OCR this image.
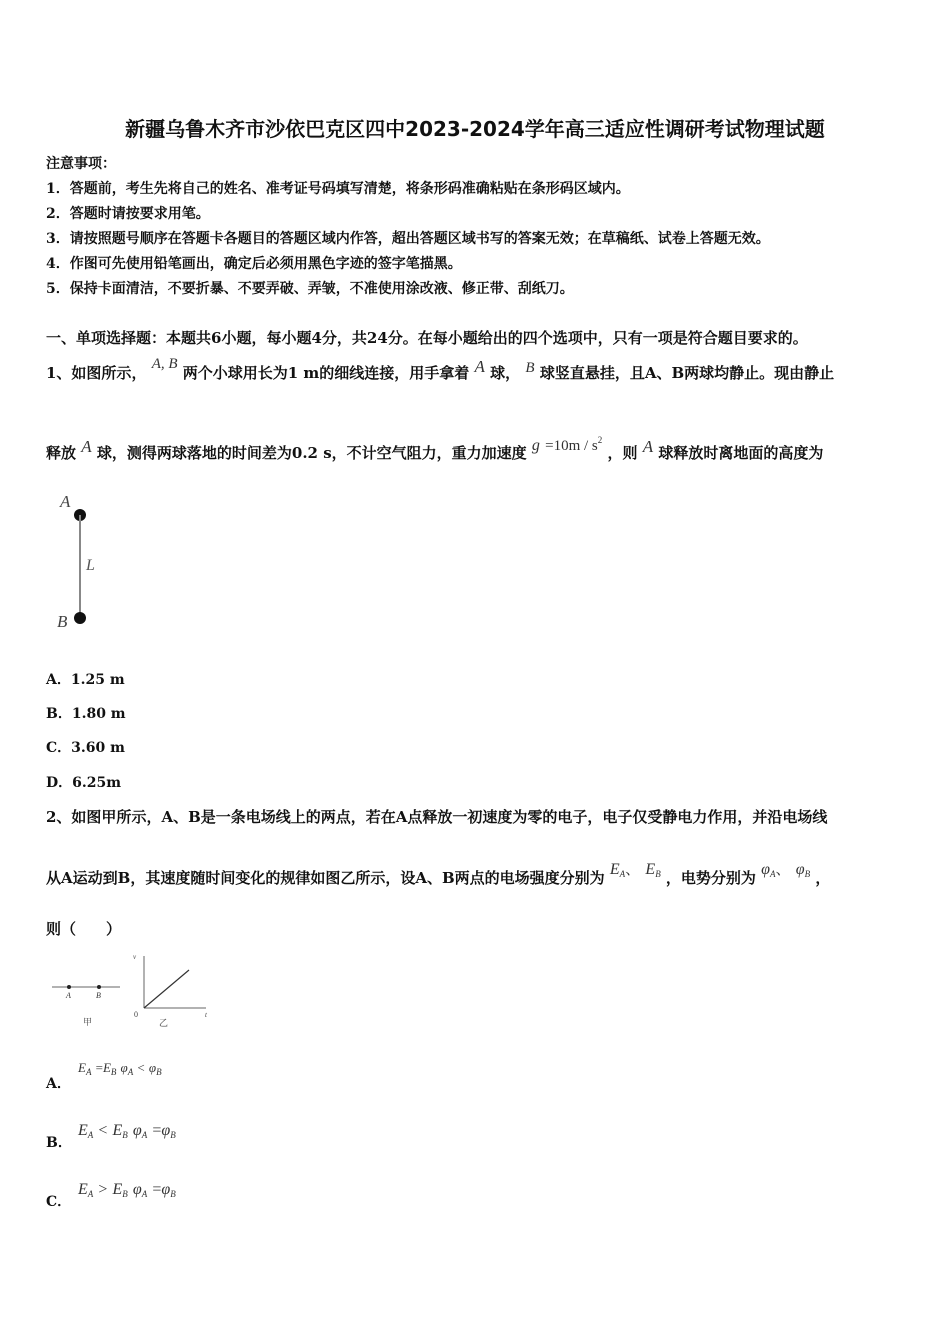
新疆乌鲁木齐市沙依巴克区四中2023-2024学年高三适应性调研考试物理试题
注意事项：
1．答题前，考生先将自己的姓名、准考证号码填写清楚，将条形码准确粘贴在条形码区域内。
2．答题时请按要求用笔。
3．请按照题号顺序在答题卡各题目的答题区域内作答，超出答题区域书写的答案无效；在草稿纸、试卷上答题无效。
4．作图可先使用铅笔画出，确定后必须用黑色字迹的签字笔描黑。
5．保持卡面清洁，不要折暴、不要弄破、弄皱，不准使用涂改液、修正带、刮纸刀。
一、单项选择题：本题共6小题，每小题4分，共24分。在每小题给出的四个选项中，只有一项是符合题目要求的。
1、如图所示， A, B 两个小球用长为1 m的细线连接，用手拿着 A 球， B 球竖直悬挂，且A、B两球均静止。现由静止
释放 A 球，测得两球落地的时间差为0.2 s，不计空气阻力，重力加速度 $g =10m / s^2$ ，则 A 球释放时离地面的高度为
A
L
B
A．1.25 m
B．1.80 m
C．3.60 m
D．6.25m
2、如图甲所示，A、B是一条电场线上的两点，若在A点释放一初速度为零的电子，电子仅受静电力作用，并沿电场线
从A运动到B，其速度随时间变化的规律如图乙所示，设A、B两点的电场强度分别为 $E_A$、 $E_B$ ，电势分别为 $\varphi_A$、 $\varphi_B$ ，
则（　　）
A	B
甲
v
t
0
乙
A．
$E_A =E_B$ $\varphi_A < \varphi_B$
B．
$E_A < E_B$ $\varphi_A =\varphi_B$
C．
$E_A > E_B$ $\varphi_A =\varphi_B$
